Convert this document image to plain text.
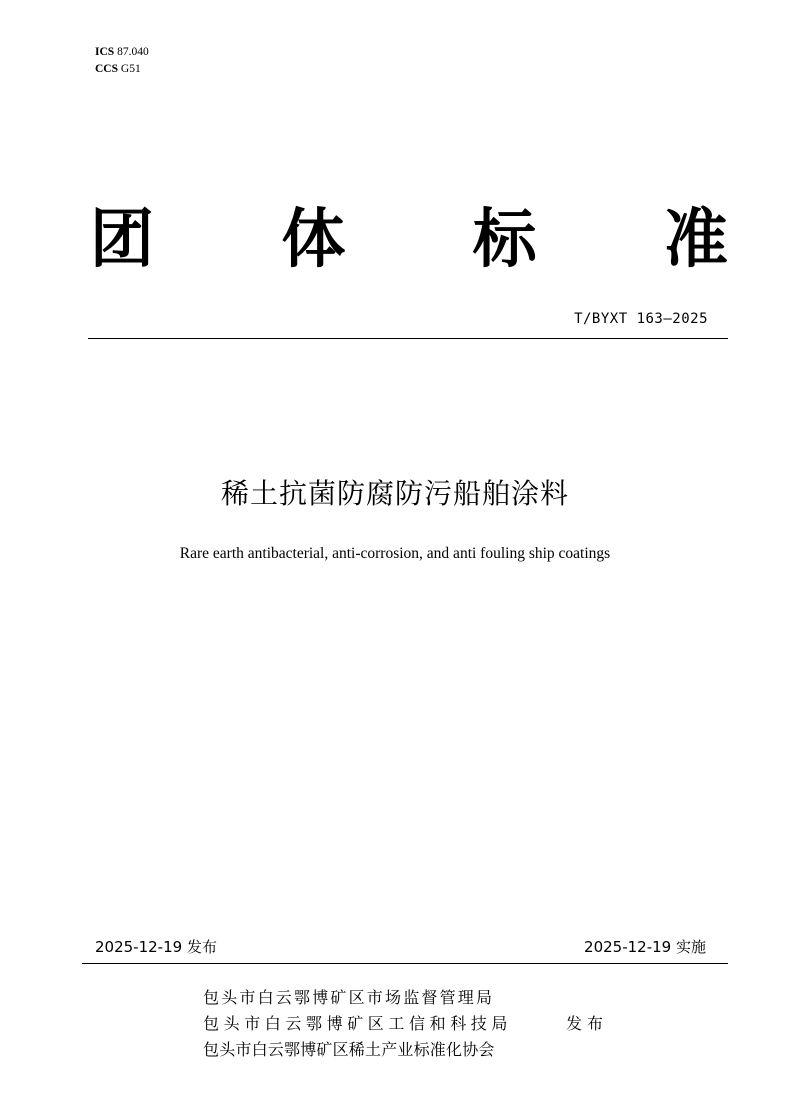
ICS 87.040
CCS G51
团 体 标 准
T/BYXT 163—2025
稀土抗菌防腐防污船舶涂料
Rare earth antibacterial, anti-corrosion, and anti fouling ship coatings
2025-12-19 发布	2025-12-19 实施
包头市白云鄂博矿区市场监督管理局
包头市白云鄂博矿区工信和科技局
包头市白云鄂博矿区稀土产业标准化协会
发布
